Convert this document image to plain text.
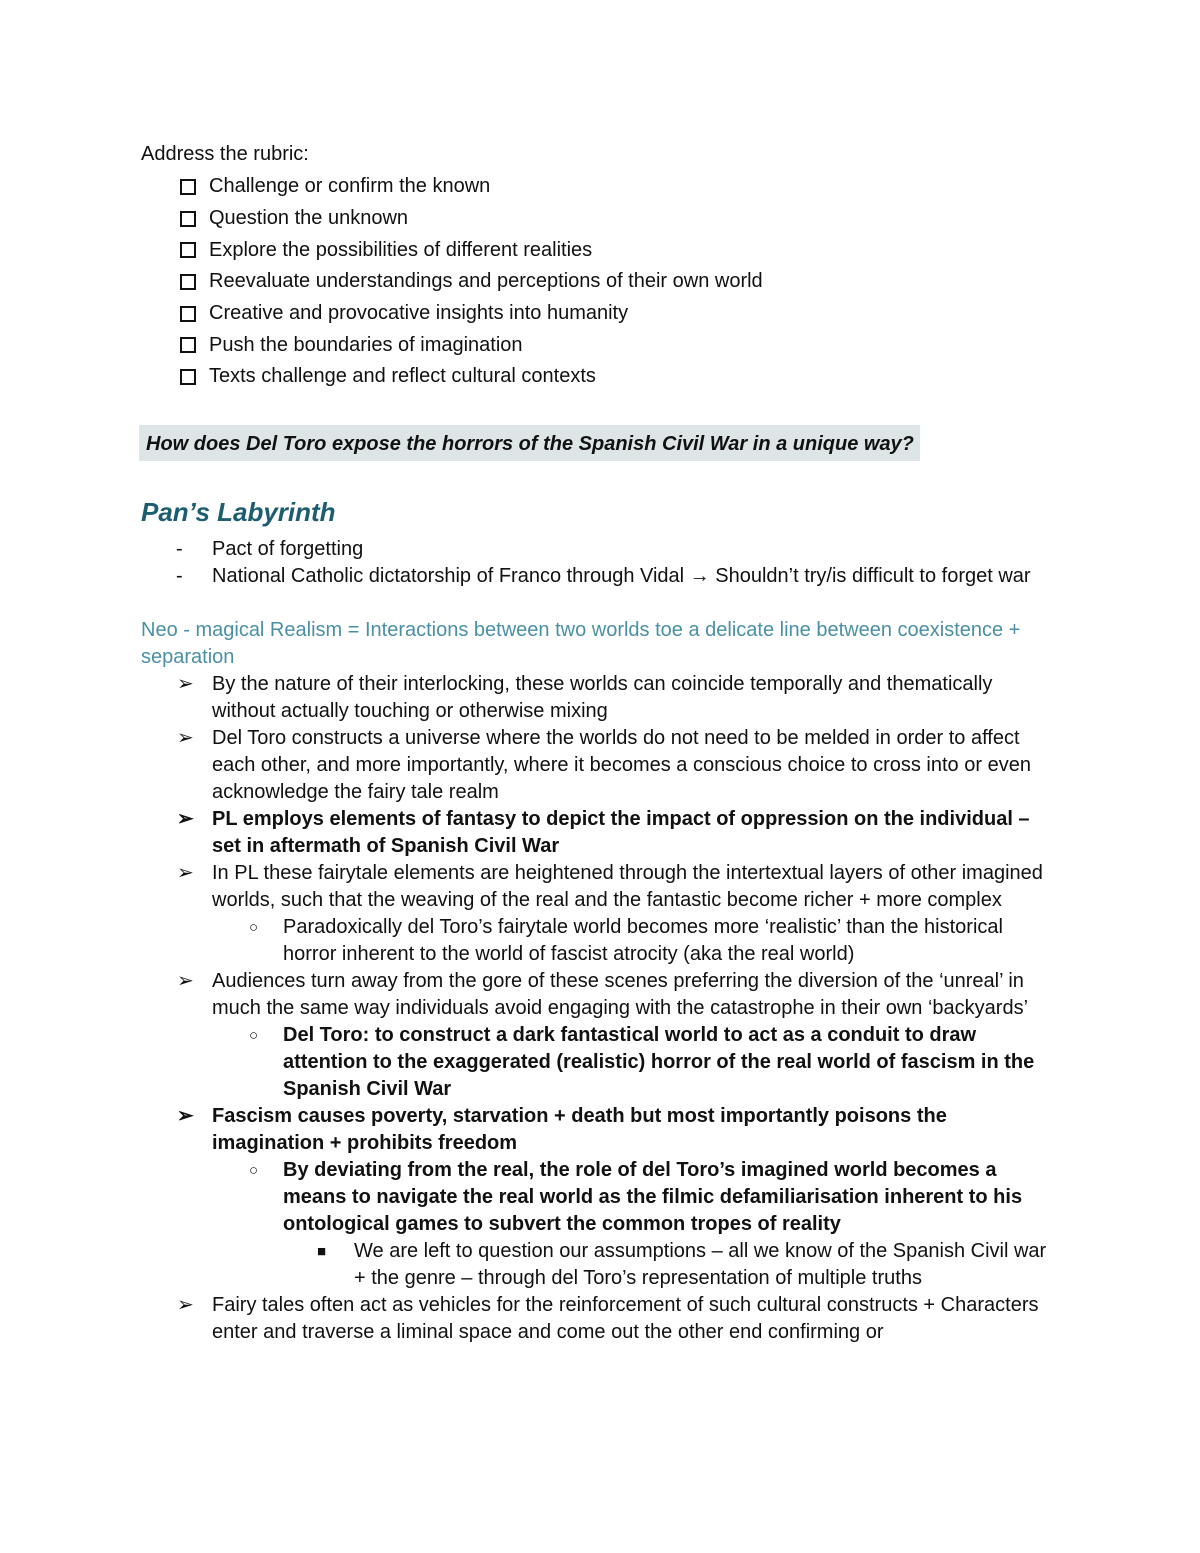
Address the rubric:
Challenge or confirm the known
Question the unknown
Explore the possibilities of different realities
Reevaluate understandings and perceptions of their own world
Creative and provocative insights into humanity
Push the boundaries of imagination
Texts challenge and reflect cultural contexts
How does Del Toro expose the horrors of the Spanish Civil War in a unique way?
Pan’s Labyrinth
-	Pact of forgetting
-	National Catholic dictatorship of Franco through Vidal → Shouldn’t try/is difficult to forget war
Neo - magical Realism = Interactions between two worlds toe a delicate line between coexistence + separation
➢ By the nature of their interlocking, these worlds can coincide temporally and thematically without actually touching or otherwise mixing
➢ Del Toro constructs a universe where the worlds do not need to be melded in order to affect each other, and more importantly, where it becomes a conscious choice to cross into or even acknowledge the fairy tale realm
➢ PL employs elements of fantasy to depict the impact of oppression on the individual – set in aftermath of Spanish Civil War
➢ In PL these fairytale elements are heightened through the intertextual layers of other imagined worlds, such that the weaving of the real and the fantastic become richer + more complex
○	Paradoxically del Toro’s fairytale world becomes more ‘realistic’ than the historical horror inherent to the world of fascist atrocity (aka the real world)
➢ Audiences turn away from the gore of these scenes preferring the diversion of the ‘unreal’ in much the same way individuals avoid engaging with the catastrophe in their own ‘backyards’
○	Del Toro: to construct a dark fantastical world to act as a conduit to draw attention to the exaggerated (realistic) horror of the real world of fascism in the Spanish Civil War
➢ Fascism causes poverty, starvation + death but most importantly poisons the imagination + prohibits freedom
○	By deviating from the real, the role of del Toro’s imagined world becomes a means to navigate the real world as the filmic defamiliarisation inherent to his ontological games to subvert the common tropes of reality
■	We are left to question our assumptions – all we know of the Spanish Civil war + the genre – through del Toro’s representation of multiple truths
➢ Fairy tales often act as vehicles for the reinforcement of such cultural constructs + Characters enter and traverse a liminal space and come out the other end confirming or
